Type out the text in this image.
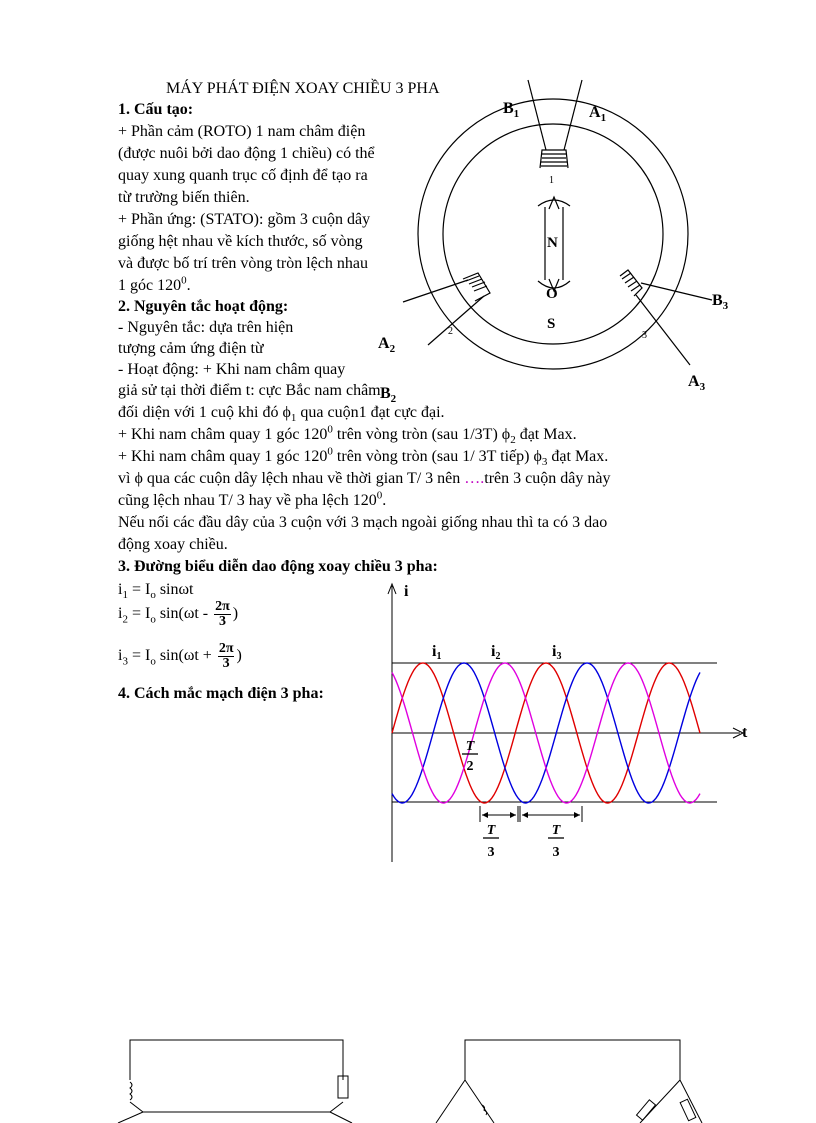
MÁY PHÁT ĐIỆN XOAY CHIỀU 3 PHA
1. Cấu tạo:
+ Phần cảm (ROTO) 1 nam châm điện
(được nuôi bởi dao động 1 chiều) có thể
quay xung quanh trục cố định để tạo ra
từ trường biến thiên.
+ Phần ứng: (STATO): gồm 3 cuộn dây
giống hệt nhau về kích thước, số vòng
và được bố trí trên vòng tròn lệch nhau
1 góc $120^0$.
2. Nguyên tắc hoạt động:
- Nguyên tắc: dựa trên hiện
tượng cảm ứng điện từ
- Hoạt động: + Khi nam châm quay
giả sử tại thời điểm t: cực Bắc nam châm
đối diện với 1 cuộ khi đó $\phi_1$ qua cuộn1 đạt cực đại.
+ Khi nam châm quay 1 góc $120^0$ trên vòng tròn (sau 1/3T) $\phi_2$ đạt Max.
+ Khi nam châm quay 1 góc $120^0$ trên vòng tròn (sau 1/ 3T tiếp) $\phi_3$ đạt Max.
vì ϕ qua các cuộn dây lệch nhau về thời gian T/ 3 nên ….trên 3 cuộn dây này
cũng lệch nhau T/ 3 hay về pha lệch $120^0$.
Nếu nối các đầu dây của 3 cuộn với 3 mạch ngoài giống nhau thì ta có 3 dao
động xoay chiều.
3. Đường biểu diễn dao động xoay chiều 3 pha:
$i_1 = I_o$ sinωt
$i_2 = I_o$ $\sin(\omega t - \frac{2\pi}{3}$ )
$i_3 = I_o$ $\sin(\omega t + \frac{2\pi}{3}$ )
4. Cách mắc mạch điện 3 pha:
$B_1$	$A_1$
N
O
S
$A_2$
$B_2$
$B_3$
$A_3$
1
2	3
i
t
i1	i2	i3
T
2
T
3
T
3
